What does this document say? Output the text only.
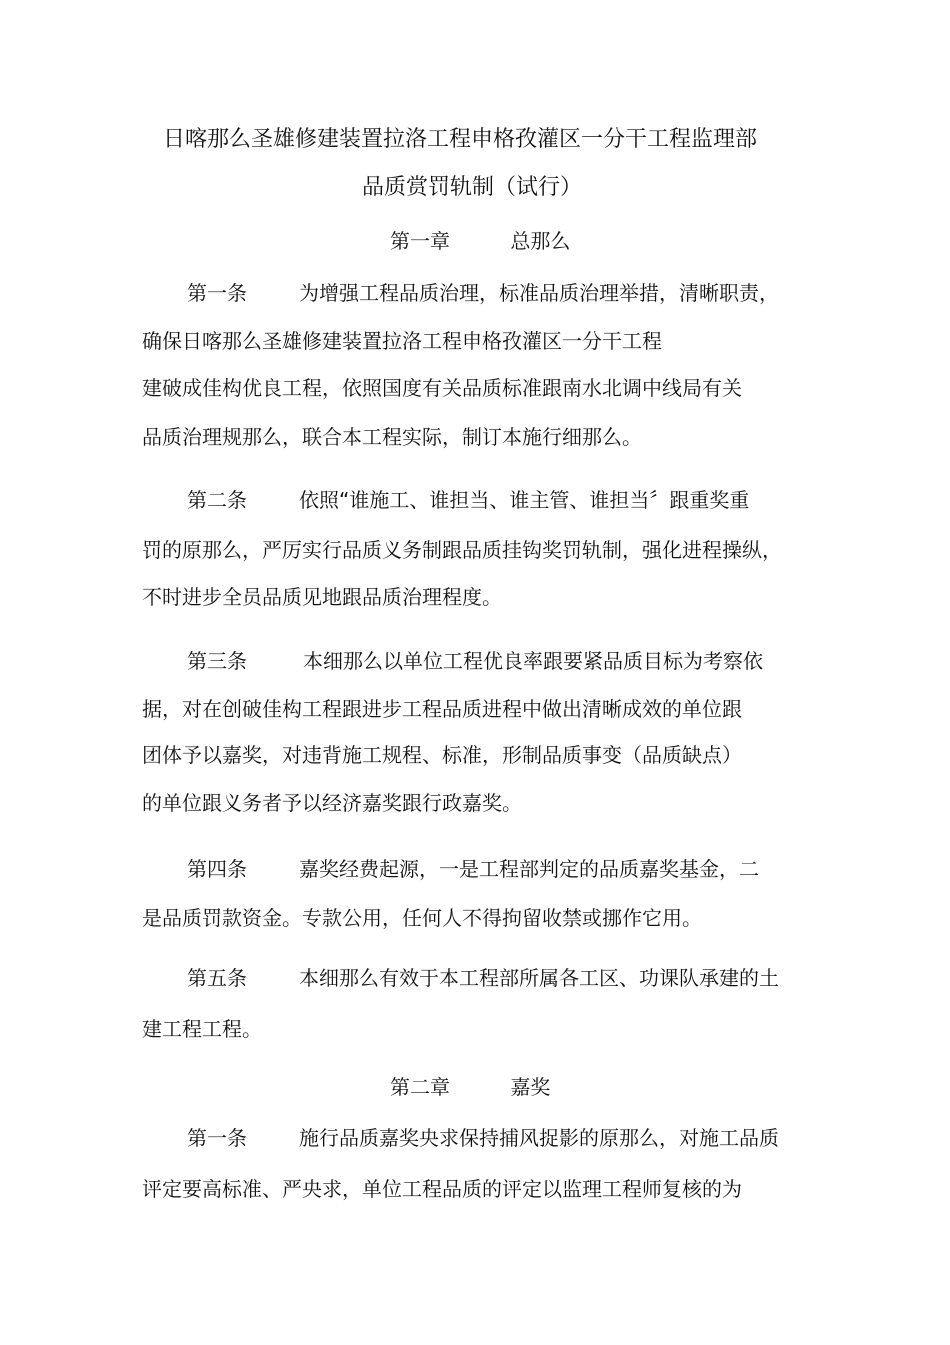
日喀那么圣雄修建装置拉洛工程申格孜灌区一分干工程监理部
品质赏罚轨制（试行）
第一章	总那么
第一条	为增强工程品质治理，标准品质治理举措，清晰职责，
确保日喀那么圣雄修建装置拉洛工程申格孜灌区一分干工程
建破成佳构优良工程，依照国度有关品质标准跟南水北调中线局有关
品质治理规那么，联合本工程实际，制订本施行细那么。
第二条	依照“谁施工、谁担当、谁主管、谁担当〞跟重奖重
罚的原那么，严厉实行品质义务制跟品质挂钩奖罚轨制，强化进程操纵，
不时进步全员品质见地跟品质治理程度。
第三条	本细那么以单位工程优良率跟要紧品质目标为考察依
据，对在创破佳构工程跟进步工程品质进程中做出清晰成效的单位跟
团体予以嘉奖，对违背施工规程、标准，形制品质事变（品质缺点）
的单位跟义务者予以经济嘉奖跟行政嘉奖。
第四条	嘉奖经费起源，一是工程部判定的品质嘉奖基金，二
是品质罚款资金。专款公用，任何人不得拘留收禁或挪作它用。
第五条	本细那么有效于本工程部所属各工区、功课队承建的土
建工程工程。
第二章	嘉奖
第一条	施行品质嘉奖央求保持捕风捉影的原那么，对施工品质
评定要高标准、严央求，单位工程品质的评定以监理工程师复核的为
